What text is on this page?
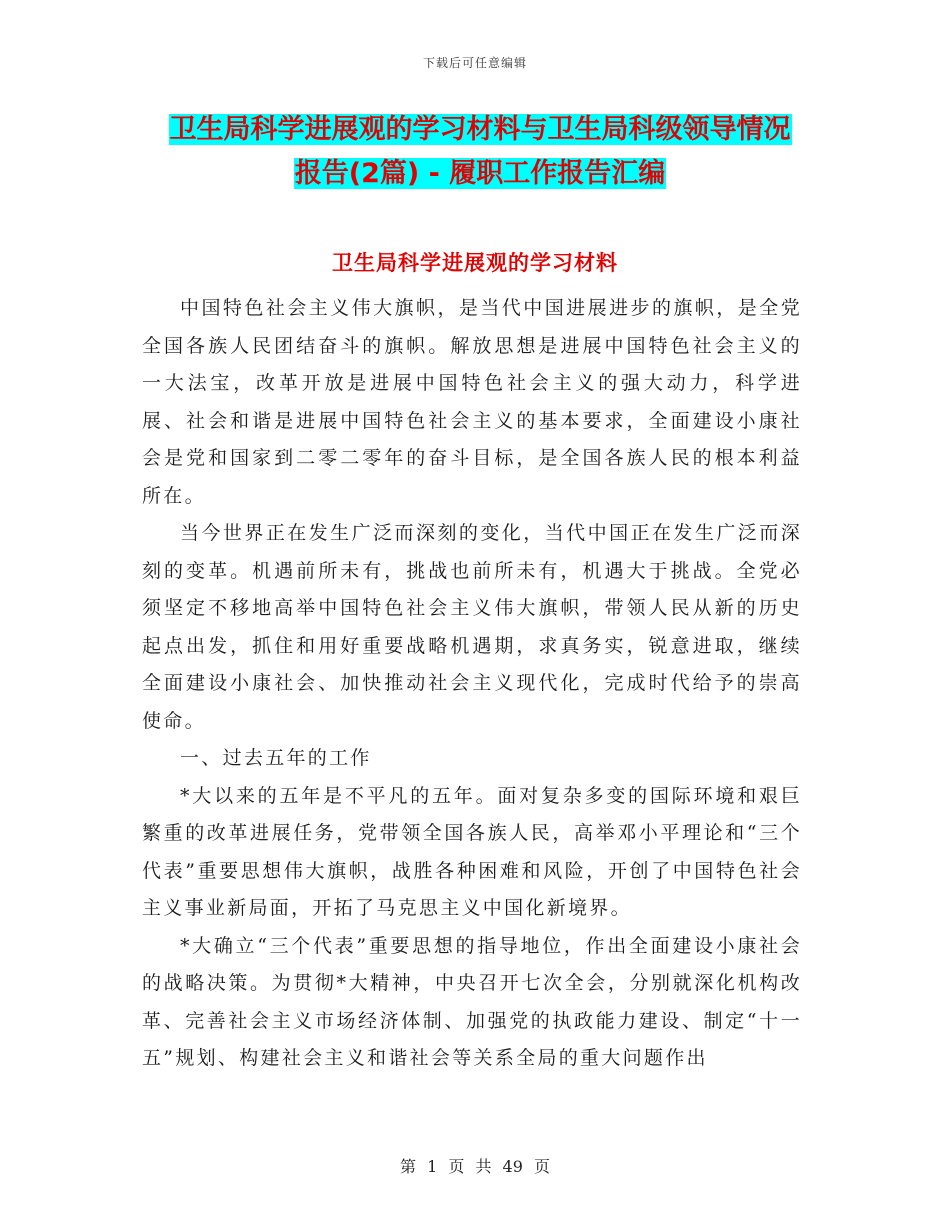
下载后可任意编辑
卫生局科学进展观的学习材料与卫生局科级领导情况
报告(2篇) - 履职工作报告汇编
卫生局科学进展观的学习材料

中国特色社会主义伟大旗帜，是当代中国进展进步的旗帜，是全党全国各族人民团结奋斗的旗帜。解放思想是进展中国特色社会主义的一大法宝，改革开放是进展中国特色社会主义的强大动力，科学进展、社会和谐是进展中国特色社会主义的基本要求，全面建设小康社会是党和国家到二零二零年的奋斗目标，是全国各族人民的根本利益所在。

当今世界正在发生广泛而深刻的变化，当代中国正在发生广泛而深刻的变革。机遇前所未有，挑战也前所未有，机遇大于挑战。全党必须坚定不移地高举中国特色社会主义伟大旗帜，带领人民从新的历史起点出发，抓住和用好重要战略机遇期，求真务实，锐意进取，继续全面建设小康社会、加快推动社会主义现代化，完成时代给予的崇高使命。

一、过去五年的工作

*大以来的五年是不平凡的五年。面对复杂多变的国际环境和艰巨繁重的改革进展任务，党带领全国各族人民，高举邓小平理论和“三个代表”重要思想伟大旗帜，战胜各种困难和风险，开创了中国特色社会主义事业新局面，开拓了马克思主义中国化新境界。

*大确立“三个代表”重要思想的指导地位，作出全面建设小康社会的战略决策。为贯彻*大精神，中央召开七次全会，分别就深化机构改革、完善社会主义市场经济体制、加强党的执政能力建设、制定“十一五”规划、构建社会主义和谐社会等关系全局的重大问题作出

第 1 页 共 49 页
